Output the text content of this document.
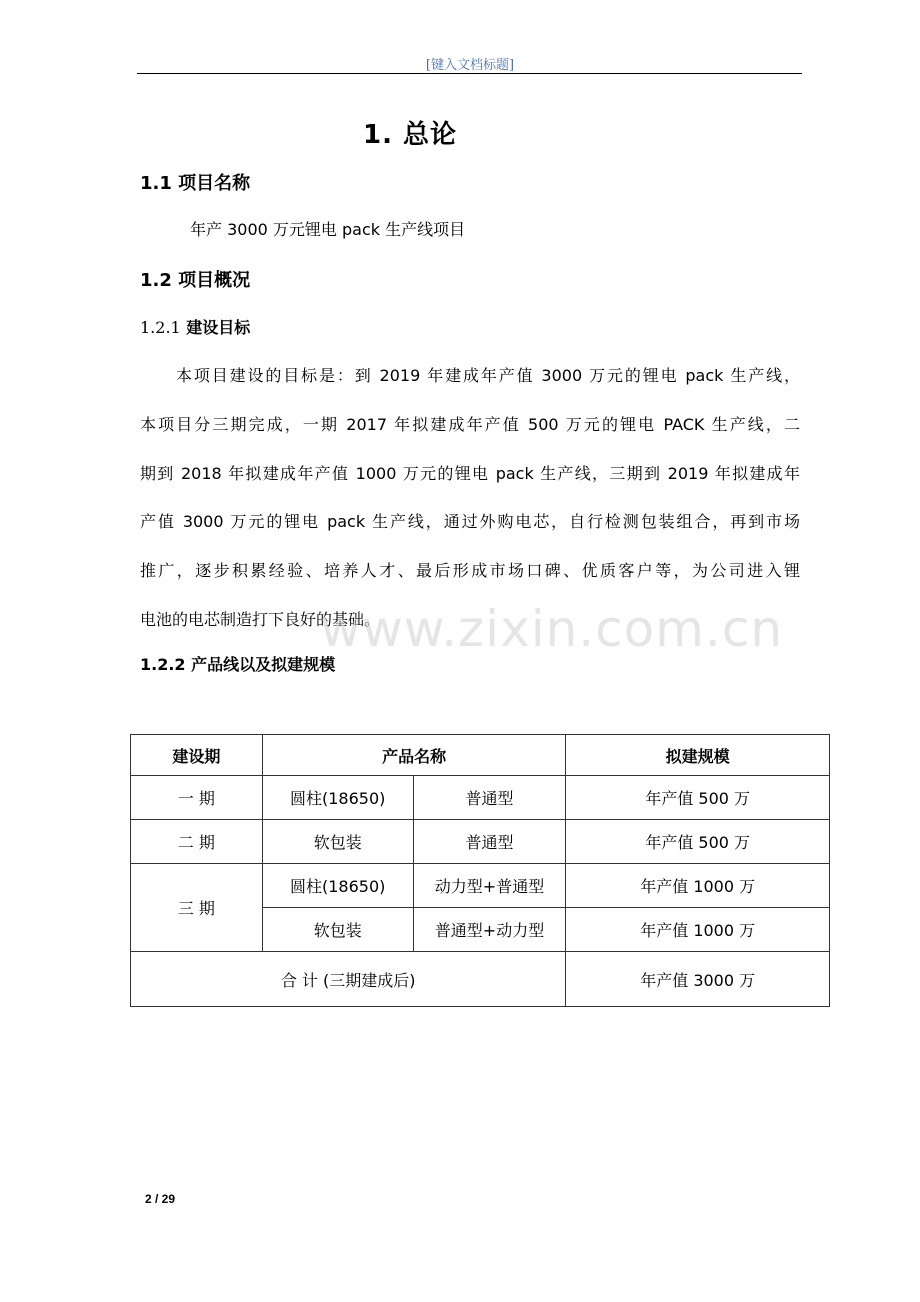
[键入文档标题]
1. 总论
1.1 项目名称
年产 3000 万元锂电 pack 生产线项目
1.2 项目概况
1.2.1 建设目标
本项目建设的目标是：到 2019 年建成年产值 3000 万元的锂电 pack 生产线，
本项目分三期完成，一期 2017 年拟建成年产值 500 万元的锂电 PACK 生产线，二
期到 2018 年拟建成年产值 1000 万元的锂电 pack 生产线，三期到 2019 年拟建成年
产值 3000 万元的锂电 pack 生产线，通过外购电芯，自行检测包装组合，再到市场
推广，逐步积累经验、培养人才、最后形成市场口碑、优质客户等，为公司进入锂
电池的电芯制造打下良好的基础。
www.zixin.com.cn
1.2.2 产品线以及拟建规模
建设期	产品名称		拟建规模
一 期	圆柱(18650)	普通型	年产值 500 万
二 期	软包装	普通型	年产值 500 万
三 期	圆柱(18650)	动力型+普通型	年产值 1000 万
	软包装	普通型+动力型	年产值 1000 万
合 计 (三期建成后)			年产值 3000 万
2 / 29
